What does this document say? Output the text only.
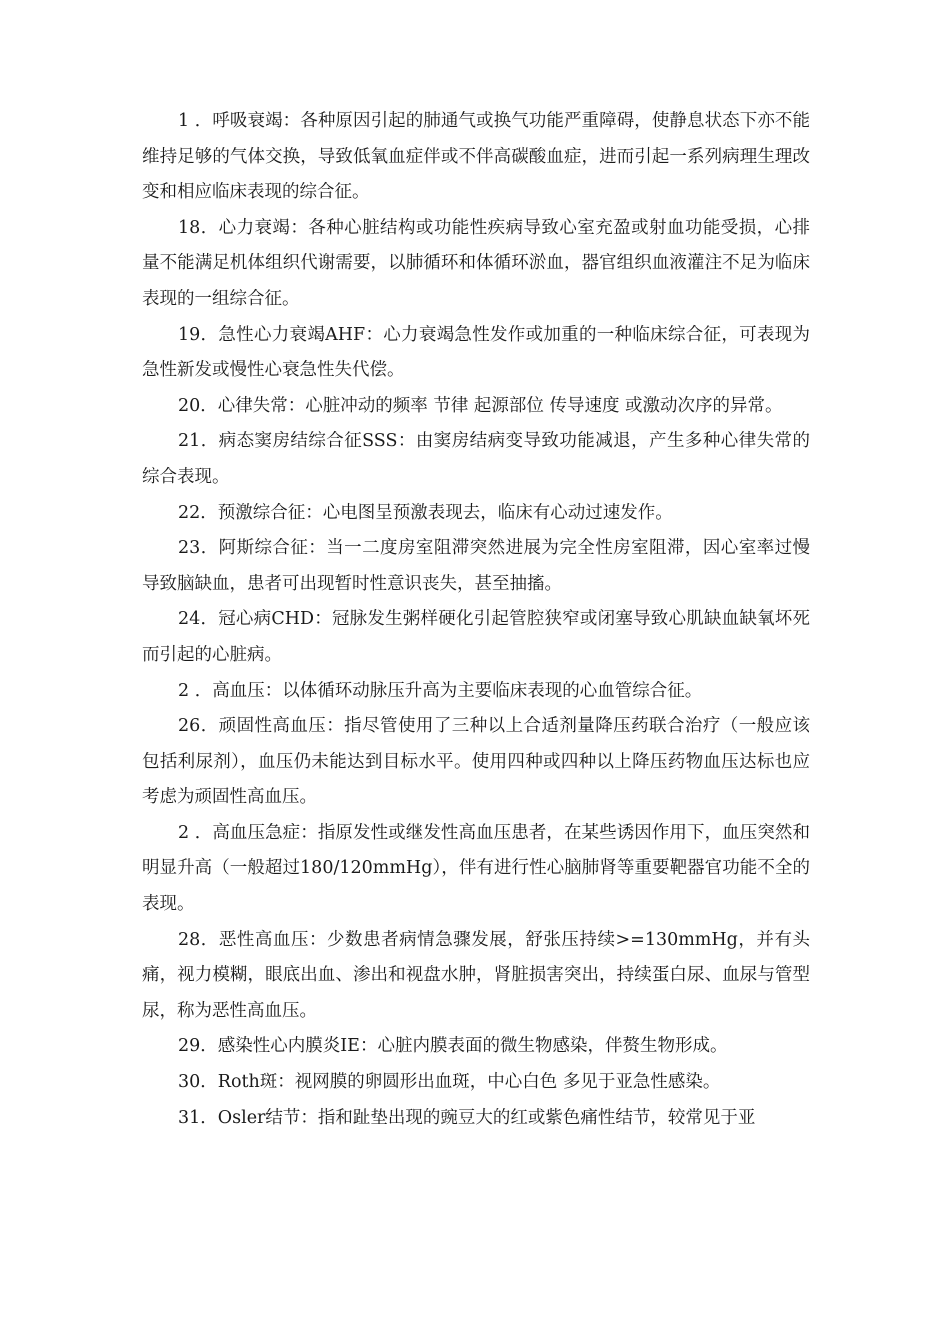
1 ．呼吸衰竭：各种原因引起的肺通气或换气功能严重障碍，使静息状态下亦不能维持足够的气体交换，导致低氧血症伴或不伴高碳酸血症，进而引起一系列病理生理改变和相应临床表现的综合征。

18．心力衰竭：各种心脏结构或功能性疾病导致心室充盈或射血功能受损，心排量不能满足机体组织代谢需要，以肺循环和体循环淤血，器官组织血液灌注不足为临床表现的一组综合征。

19．急性心力衰竭AHF：心力衰竭急性发作或加重的一种临床综合征，可表现为急性新发或慢性心衰急性失代偿。

20．心律失常：心脏冲动的频率 节律 起源部位 传导速度 或激动次序的异常。

21．病态窦房结综合征SSS：由窦房结病变导致功能减退，产生多种心律失常的综合表现。

22．预激综合征：心电图呈预激表现去，临床有心动过速发作。

23．阿斯综合征：当一二度房室阻滞突然进展为完全性房室阻滞，因心室率过慢导致脑缺血，患者可出现暂时性意识丧失，甚至抽搐。

24．冠心病CHD：冠脉发生粥样硬化引起管腔狭窄或闭塞导致心肌缺血缺氧坏死而引起的心脏病。

2 ．高血压：以体循环动脉压升高为主要临床表现的心血管综合征。

26．顽固性高血压：指尽管使用了三种以上合适剂量降压药联合治疗（一般应该包括利尿剂），血压仍未能达到目标水平。使用四种或四种以上降压药物血压达标也应考虑为顽固性高血压。

2 ．高血压急症：指原发性或继发性高血压患者，在某些诱因作用下，血压突然和明显升高（一般超过180/120mmHg），伴有进行性心脑肺肾等重要靶器官功能不全的表现。

28．恶性高血压：少数患者病情急骤发展，舒张压持续>=130mmHg，并有头痛，视力模糊，眼底出血、渗出和视盘水肿，肾脏损害突出，持续蛋白尿、血尿与管型尿，称为恶性高血压。

29．感染性心内膜炎IE：心脏内膜表面的微生物感染，伴赘生物形成。

30．Roth斑：视网膜的卵圆形出血斑，中心白色 多见于亚急性感染。

31．Osler结节：指和趾垫出现的豌豆大的红或紫色痛性结节，较常见于亚
